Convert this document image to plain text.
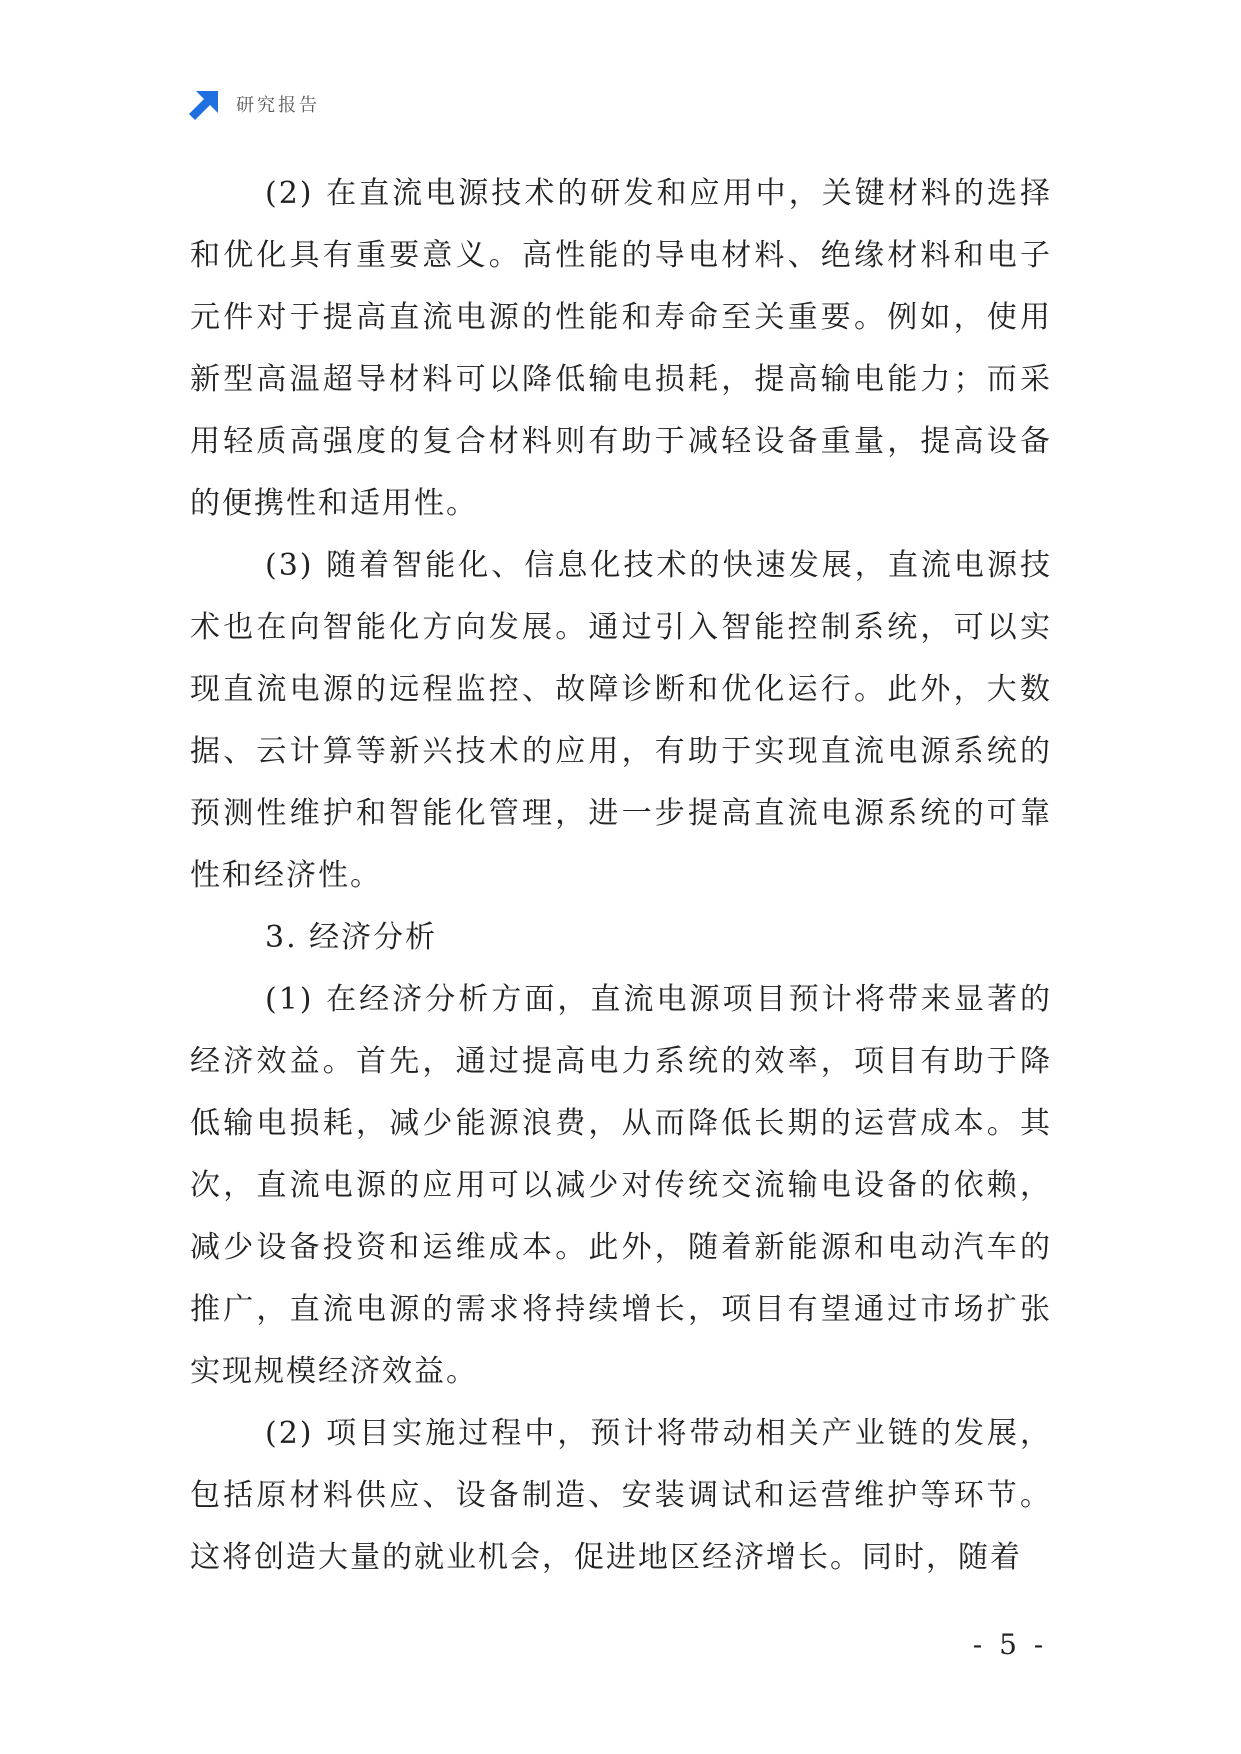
研究报告

(2) 在直流电源技术的研发和应用中，关键材料的选择和优化具有重要意义。高性能的导电材料、绝缘材料和电子元件对于提高直流电源的性能和寿命至关重要。例如，使用新型高温超导材料可以降低输电损耗，提高输电能力；而采用轻质高强度的复合材料则有助于减轻设备重量，提高设备的便携性和适用性。

(3) 随着智能化、信息化技术的快速发展，直流电源技术也在向智能化方向发展。通过引入智能控制系统，可以实现直流电源的远程监控、故障诊断和优化运行。此外，大数据、云计算等新兴技术的应用，有助于实现直流电源系统的预测性维护和智能化管理，进一步提高直流电源系统的可靠性和经济性。

3. 经济分析

(1) 在经济分析方面，直流电源项目预计将带来显著的经济效益。首先，通过提高电力系统的效率，项目有助于降低输电损耗，减少能源浪费，从而降低长期的运营成本。其次，直流电源的应用可以减少对传统交流输电设备的依赖，减少设备投资和运维成本。此外，随着新能源和电动汽车的推广，直流电源的需求将持续增长，项目有望通过市场扩张实现规模经济效益。

(2) 项目实施过程中，预计将带动相关产业链的发展，包括原材料供应、设备制造、安装调试和运营维护等环节。这将创造大量的就业机会，促进地区经济增长。同时，随着

- 5 -
